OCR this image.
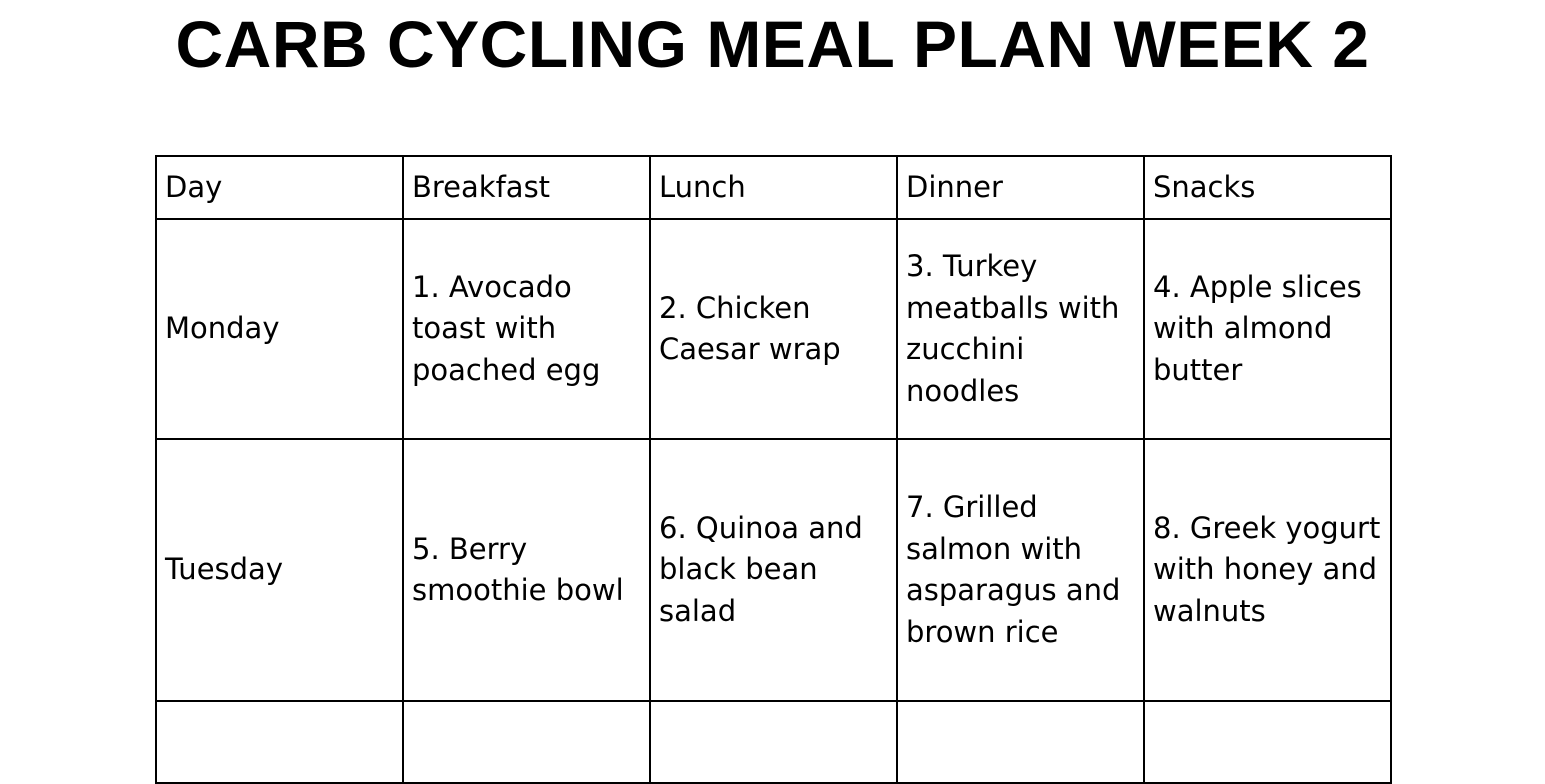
CARB CYCLING MEAL PLAN WEEK 2
Day	Breakfast	Lunch	Dinner	Snacks
Monday	1. Avocado toast with poached egg	2. Chicken Caesar wrap	3. Turkey meatballs with zucchini noodles	4. Apple slices with almond butter
Tuesday	5. Berry smoothie bowl	6. Quinoa and black bean salad	7. Grilled salmon with asparagus and brown rice	8. Greek yogurt with honey and walnuts
